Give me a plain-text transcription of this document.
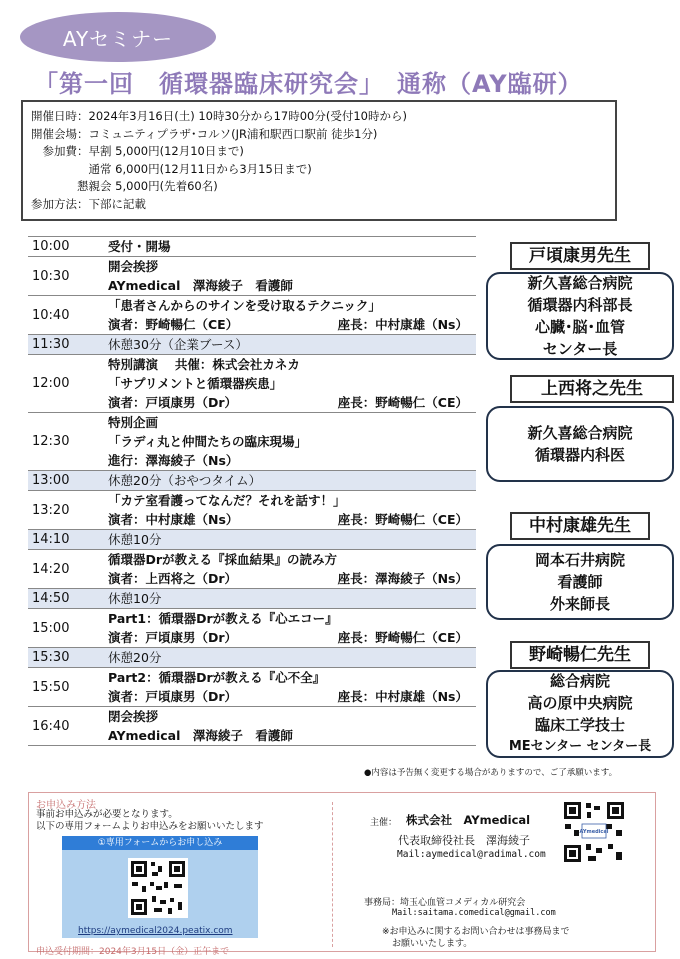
AYセミナー
「第一回　循環器臨床研究会」　通称（AY臨研）
開催日時：2024年3月16日(土) 10時30分から17時00分(受付10時から)
開催会場：コミュニティプラザ･コルソ(JR浦和駅西口駅前 徒歩1分)
　参加費：早割 5,000円(12月10日まで)
　　　　　通常 6,000円(12月11日から3月15日まで)
　　　　懇親会 5,000円(先着60名)
参加方法：下部に記載
10:00	受付・開場

10:30	開会挨拶
AYmedical　澤海綾子　看護師

10:40	「患者さんからのサインを受け取るテクニック」
演者：野崎暢仁（CE） 座長：中村康雄（Ns）

11:30	休憩30分（企業ブース）

12:00	特別講演　 共催：株式会社カネカ
「サプリメントと循環器疾患」
演者：戸頃康男（Dr） 座長：野崎暢仁（CE）

12:30	特別企画
「ラディ丸と仲間たちの臨床現場」
進行：澤海綾子（Ns）

13:00	休憩20分（おやつタイム）

13:20	「カテ室看護ってなんだ？それを話す！」
演者：中村康雄（Ns） 座長：野崎暢仁（CE）

14:10	休憩10分

14:20	循環器Drが教える『採血結果』の読み方
演者：上西将之（Dr） 座長：澤海綾子（Ns）

14:50	休憩10分

15:00	Part1：循環器Drが教える『心エコー』
演者：戸頃康男（Dr） 座長：野崎暢仁（CE）

15:30	休憩20分

15:50	Part2：循環器Drが教える『心不全』
演者：戸頃康男（Dr） 座長：中村康雄（Ns）

16:40	閉会挨拶
AYmedical　澤海綾子　看護師
戸頃康男先生
新久喜総合病院
循環器内科部長
心臓･脳･血管
センター長
上西将之先生
新久喜総合病院
循環器内科医
中村康雄先生
岡本石井病院
看護師
外来師長
野崎暢仁先生
総合病院
高の原中央病院
臨床工学技士
MEセンター センター長
●内容は予告無く変更する場合がありますので、ご了承願います。
お申込み方法
事前お申込みが必要となります。
以下の専用フォームよりお申込みをお願いいたします
①専用フォームからお申し込み
https://aymedical2024.peatix.com
申込受付期間：2024年3月15日（金）正午まで
主催： 株式会社　AYmedical
代表取締役社長　澤海綾子
Mail:aymedical@radimal.com
AYmedical
事務局：埼玉心血管コメディカル研究会
Mail:saitama.comedical@gmail.com
※お申込みに関するお問い合わせは事務局まで
お願いいたします。
